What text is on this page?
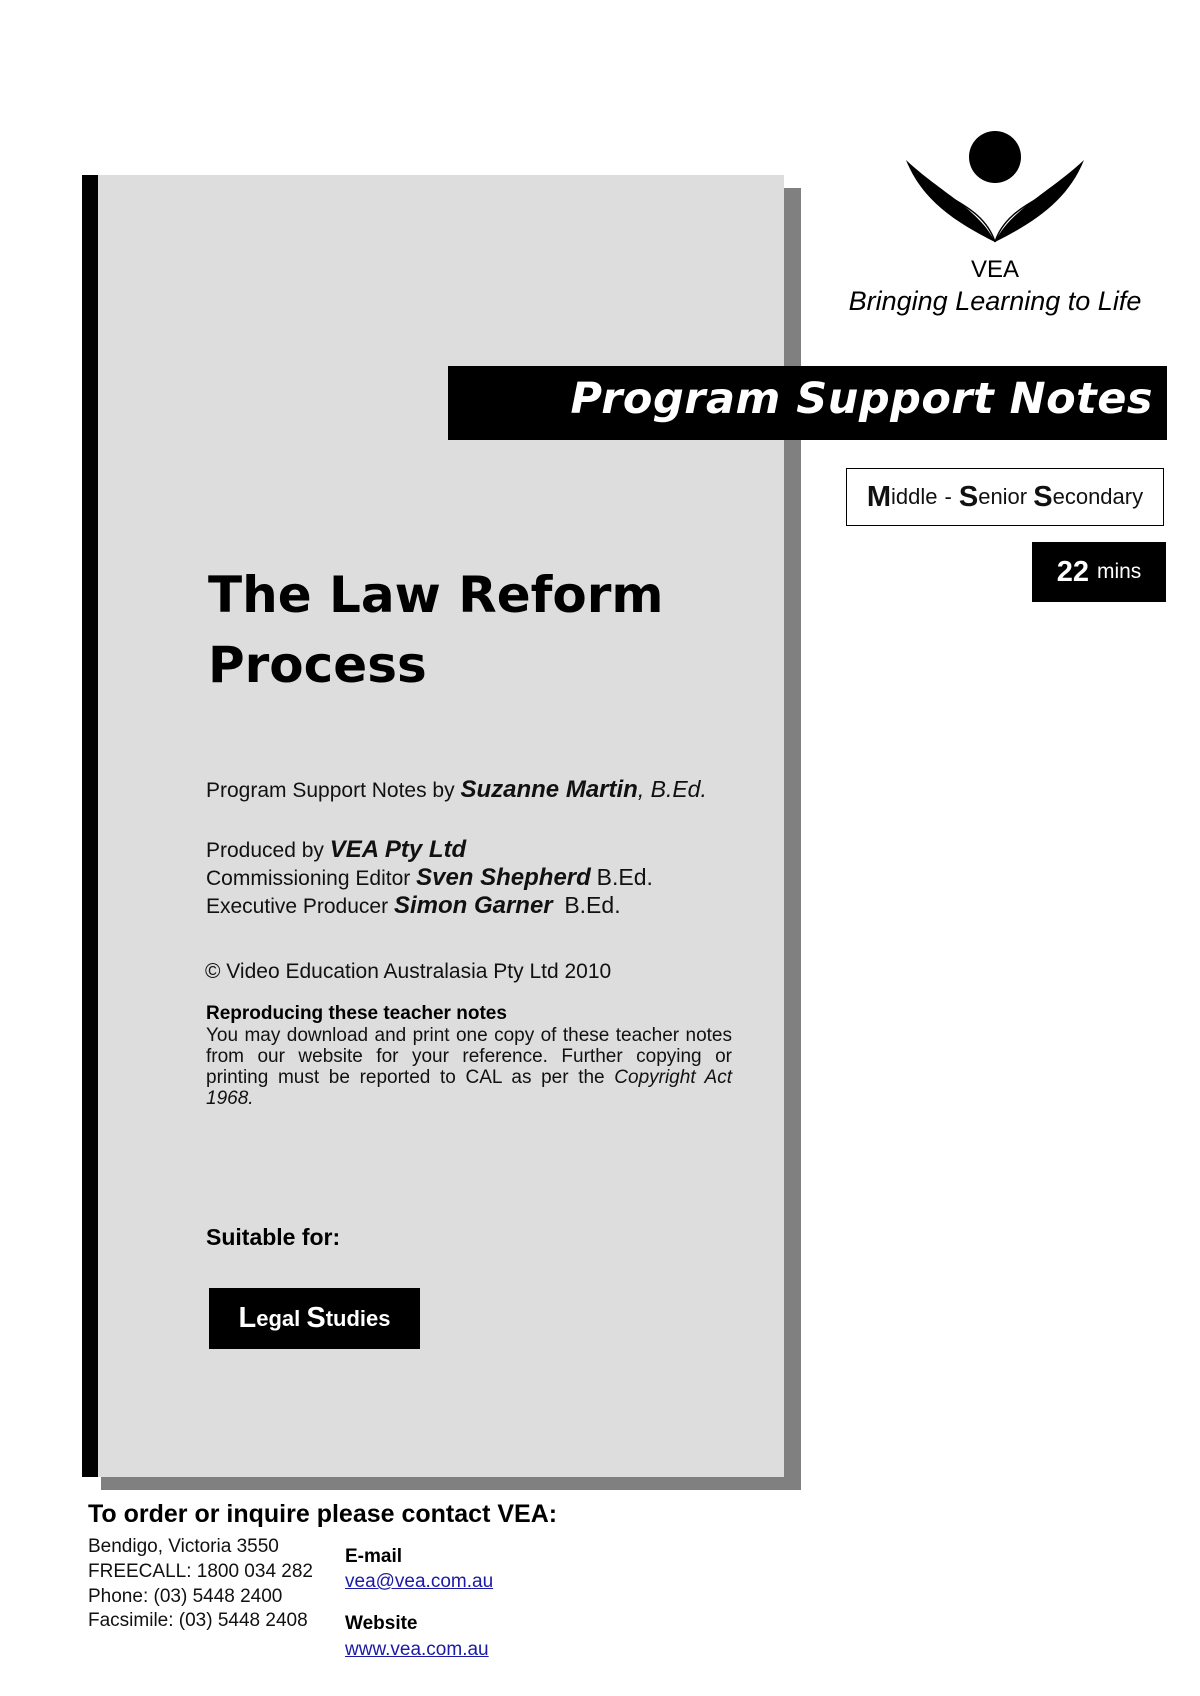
VEA
Bringing Learning to Life
Program Support Notes
M iddle - S enior
S econdary
22 mins
The Law Reform
Process
Program Support Notes by Suzanne Martin, B.Ed.
Produced by VEA Pty Ltd
Commissioning Editor Sven Shepherd B.Ed.
Executive Producer Simon Garner B.Ed.
© Video Education Australasia Pty Ltd 2010
Reproducing these teacher notes
You may download and print one copy of these teacher notes from our website for your reference. Further copying or printing must be reported to CAL as per the Copyright Act 1968.
Suitable for:
L egal
S tudies
To order or inquire please contact VEA:
Bendigo, Victoria 3550
FREECALL: 1800 034 282
Phone: (03) 5448 2400
Facsimile: (03) 5448 2408
E-mail
vea@vea.com.au
Website
www.vea.com.au
